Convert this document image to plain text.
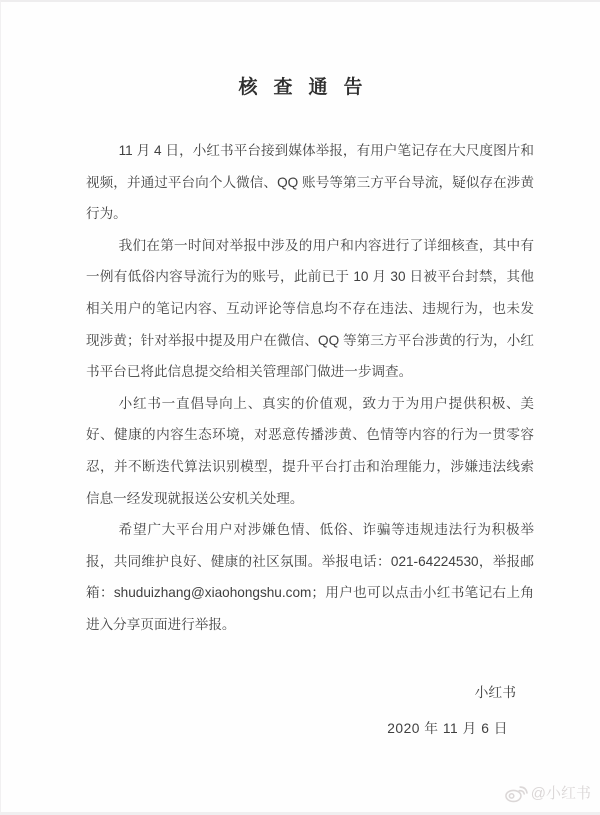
核查通告

11 月 4 日，小红书平台接到媒体举报，有用户笔记存在大尺度图片和视频，并通过平台向个人微信、QQ 账号等第三方平台导流，疑似存在涉黄行为。

我们在第一时间对举报中涉及的用户和内容进行了详细核查，其中有一例有低俗内容导流行为的账号，此前已于 10 月 30 日被平台封禁，其他相关用户的笔记内容、互动评论等信息均不存在违法、违规行为，也未发现涉黄；针对举报中提及用户在微信、QQ 等第三方平台涉黄的行为，小红书平台已将此信息提交给相关管理部门做进一步调查。

小红书一直倡导向上、真实的价值观，致力于为用户提供积极、美好、健康的内容生态环境，对恶意传播涉黄、色情等内容的行为一贯零容忍，并不断迭代算法识别模型，提升平台打击和治理能力，涉嫌违法线索信息一经发现就报送公安机关处理。

希望广大平台用户对涉嫌色情、低俗、诈骗等违规违法行为积极举报，共同维护良好、健康的社区氛围。举报电话：021-64224530，举报邮箱：shuduizhang@xiaohongshu.com；用户也可以点击小红书笔记右上角进入分享页面进行举报。

小红书
2020 年 11 月 6 日
@小红书
